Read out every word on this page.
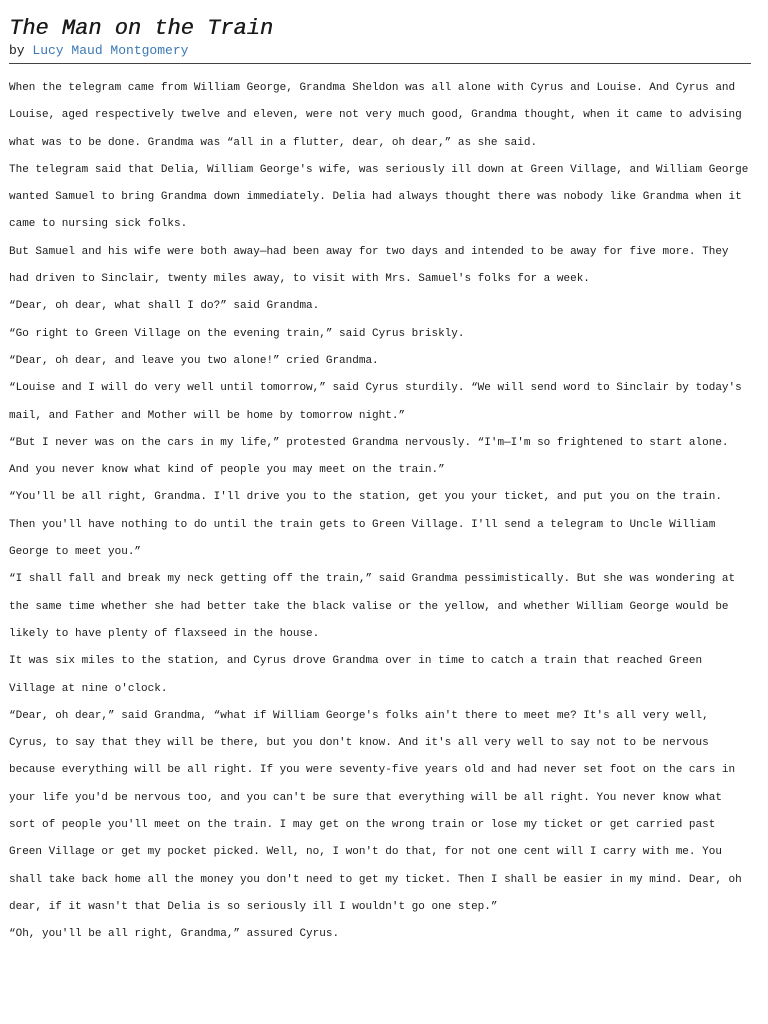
The Man on the Train
by Lucy Maud Montgomery

When the telegram came from William George, Grandma Sheldon was all alone with Cyrus and Louise. And Cyrus and Louise, aged respectively twelve and eleven, were not very much good, Grandma thought, when it came to advising what was to be done. Grandma was “all in a flutter, dear, oh dear,” as she said.

The telegram said that Delia, William George's wife, was seriously ill down at Green Village, and William George wanted Samuel to bring Grandma down immediately. Delia had always thought there was nobody like Grandma when it came to nursing sick folks.

But Samuel and his wife were both away—had been away for two days and intended to be away for five more. They had driven to Sinclair, twenty miles away, to visit with Mrs. Samuel's folks for a week.

“Dear, oh dear, what shall I do?” said Grandma.

“Go right to Green Village on the evening train,” said Cyrus briskly.

“Dear, oh dear, and leave you two alone!” cried Grandma.

“Louise and I will do very well until tomorrow,” said Cyrus sturdily. “We will send word to Sinclair by today's mail, and Father and Mother will be home by tomorrow night.”

“But I never was on the cars in my life,” protested Grandma nervously. “I'm—I'm so frightened to start alone. And you never know what kind of people you may meet on the train.”

“You'll be all right, Grandma. I'll drive you to the station, get you your ticket, and put you on the train. Then you'll have nothing to do until the train gets to Green Village. I'll send a telegram to Uncle William George to meet you.”

“I shall fall and break my neck getting off the train,” said Grandma pessimistically. But she was wondering at the same time whether she had better take the black valise or the yellow, and whether William George would be likely to have plenty of flaxseed in the house.

It was six miles to the station, and Cyrus drove Grandma over in time to catch a train that reached Green Village at nine o'clock.

“Dear, oh dear,” said Grandma, “what if William George's folks ain't there to meet me? It's all very well, Cyrus, to say that they will be there, but you don't know. And it's all very well to say not to be nervous because everything will be all right. If you were seventy-five years old and had never set foot on the cars in your life you'd be nervous too, and you can't be sure that everything will be all right. You never know what sort of people you'll meet on the train. I may get on the wrong train or lose my ticket or get carried past Green Village or get my pocket picked. Well, no, I won't do that, for not one cent will I carry with me. You shall take back home all the money you don't need to get my ticket. Then I shall be easier in my mind. Dear, oh dear, if it wasn't that Delia is so seriously ill I wouldn't go one step.”

“Oh, you'll be all right, Grandma,” assured Cyrus.
